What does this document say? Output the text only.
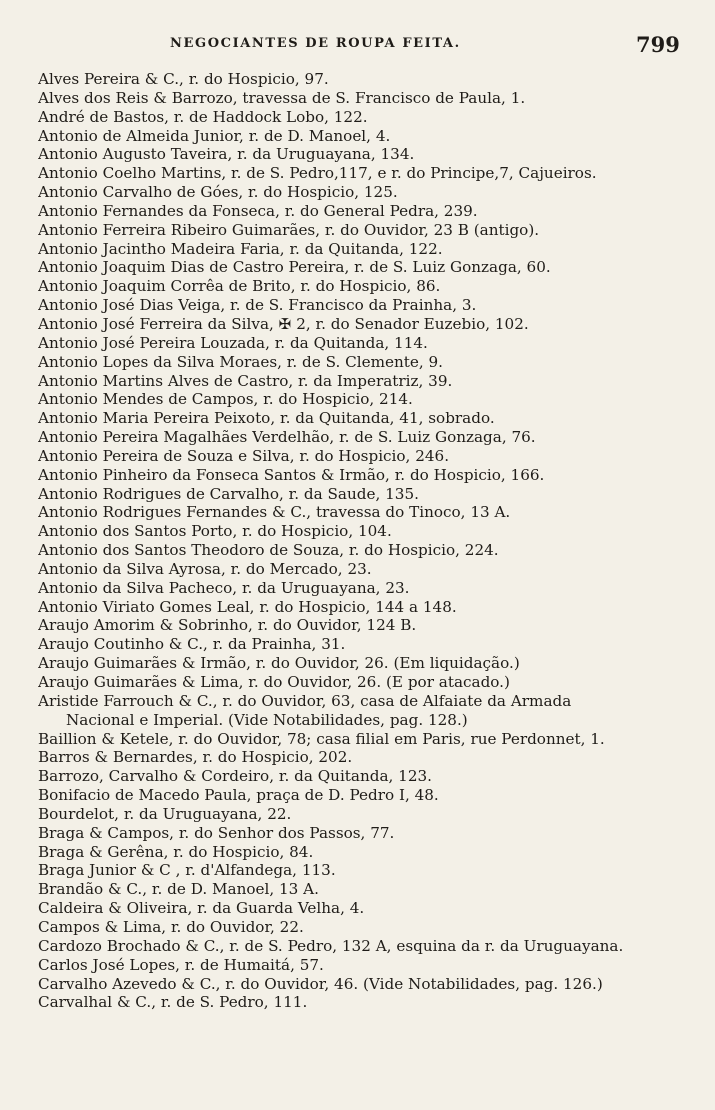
NEGOCIANTES DE ROUPA FEITA.	799
Alves Pereira & C., r. do Hospicio, 97.
Alves dos Reis & Barrozo, travessa de S. Francisco de Paula, 1.
André de Bastos, r. de Haddock Lobo, 122.
Antonio de Almeida Junior, r. de D. Manoel, 4.
Antonio Augusto Taveira, r. da Uruguayana, 134.
Antonio Coelho Martins, r. de S. Pedro,117, e r. do Principe,7, Cajueiros.
Antonio Carvalho de Góes, r. do Hospicio, 125.
Antonio Fernandes da Fonseca, r. do General Pedra, 239.
Antonio Ferreira Ribeiro Guimarães, r. do Ouvidor, 23 B (antigo).
Antonio Jacintho Madeira Faria, r. da Quitanda, 122.
Antonio Joaquim Dias de Castro Pereira, r. de S. Luiz Gonzaga, 60.
Antonio Joaquim Corrêa de Brito, r. do Hospicio, 86.
Antonio José Dias Veiga, r. de S. Francisco da Prainha, 3.
Antonio José Ferreira da Silva, ✠ 2, r. do Senador Euzebio, 102.
Antonio José Pereira Louzada, r. da Quitanda, 114.
Antonio Lopes da Silva Moraes, r. de S. Clemente, 9.
Antonio Martins Alves de Castro, r. da Imperatriz, 39.
Antonio Mendes de Campos, r. do Hospicio, 214.
Antonio Maria Pereira Peixoto, r. da Quitanda, 41, sobrado.
Antonio Pereira Magalhães Verdelhão, r. de S. Luiz Gonzaga, 76.
Antonio Pereira de Souza e Silva, r. do Hospicio, 246.
Antonio Pinheiro da Fonseca Santos & Irmão, r. do Hospicio, 166.
Antonio Rodrigues de Carvalho, r. da Saude, 135.
Antonio Rodrigues Fernandes & C., travessa do Tinoco, 13 A.
Antonio dos Santos Porto, r. do Hospicio, 104.
Antonio dos Santos Theodoro de Souza, r. do Hospicio, 224.
Antonio da Silva Ayrosa, r. do Mercado, 23.
Antonio da Silva Pacheco, r. da Uruguayana, 23.
Antonio Viriato Gomes Leal, r. do Hospicio, 144 a 148.
Araujo Amorim & Sobrinho, r. do Ouvidor, 124 B.
Araujo Coutinho & C., r. da Prainha, 31.
Araujo Guimarães & Irmão, r. do Ouvidor, 26. (Em liquidação.)
Araujo Guimarães & Lima, r. do Ouvidor, 26. (E por atacado.)
Aristide Farrouch & C., r. do Ouvidor, 63, casa de Alfaiate da Armada
Nacional e Imperial. (Vide Notabilidades, pag. 128.)
Baillion & Ketele, r. do Ouvidor, 78; casa filial em Paris, rue Perdonnet, 1.
Barros & Bernardes, r. do Hospicio, 202.
Barrozo, Carvalho & Cordeiro, r. da Quitanda, 123.
Bonifacio de Macedo Paula, praça de D. Pedro I, 48.
Bourdelot, r. da Uruguayana, 22.
Braga & Campos, r. do Senhor dos Passos, 77.
Braga & Gerêna, r. do Hospicio, 84.
Braga Junior & C , r. d'Alfandega, 113.
Brandão & C., r. de D. Manoel, 13 A.
Caldeira & Oliveira, r. da Guarda Velha, 4.
Campos & Lima, r. do Ouvidor, 22.
Cardozo Brochado & C., r. de S. Pedro, 132 A, esquina da r. da Uruguayana.
Carlos José Lopes, r. de Humaitá, 57.
Carvalho Azevedo & C., r. do Ouvidor, 46. (Vide Notabilidades, pag. 126.)
Carvalhal & C., r. de S. Pedro, 111.
